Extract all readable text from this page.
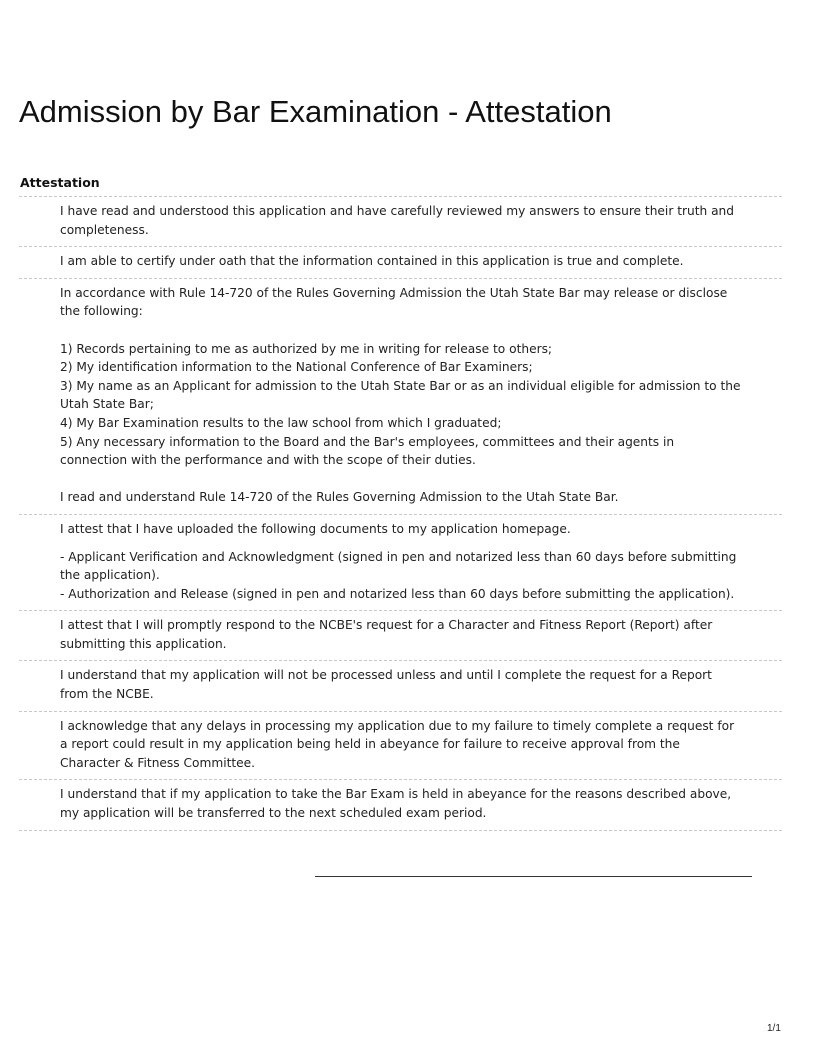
Admission by Bar Examination - Attestation
Attestation

I have read and understood this application and have carefully reviewed my answers to ensure their truth and completeness.

I am able to certify under oath that the information contained in this application is true and complete.

In accordance with Rule 14-720 of the Rules Governing Admission the Utah State Bar may release or disclose the following:

1) Records pertaining to me as authorized by me in writing for release to others;

2) My identification information to the National Conference of Bar Examiners;

3) My name as an Applicant for admission to the Utah State Bar or as an individual eligible for admission to the Utah State Bar;

4) My Bar Examination results to the law school from which I graduated;

5) Any necessary information to the Board and the Bar's employees, committees and their agents in connection with the performance and with the scope of their duties.

I read and understand Rule 14-720 of the Rules Governing Admission to the Utah State Bar.

I attest that I have uploaded the following documents to my application homepage.

- Applicant Verification and Acknowledgment (signed in pen and notarized less than 60 days before submitting the application).

- Authorization and Release (signed in pen and notarized less than 60 days before submitting the application).

I attest that I will promptly respond to the NCBE's request for a Character and Fitness Report (Report) after submitting this application.

I understand that my application will not be processed unless and until I complete the request for a Report from the NCBE.

I acknowledge that any delays in processing my application due to my failure to timely complete a request for a report could result in my application being held in abeyance for failure to receive approval from the Character & Fitness Committee.

I understand that if my application to take the Bar Exam is held in abeyance for the reasons described above, my application will be transferred to the next scheduled exam period.

1/1
